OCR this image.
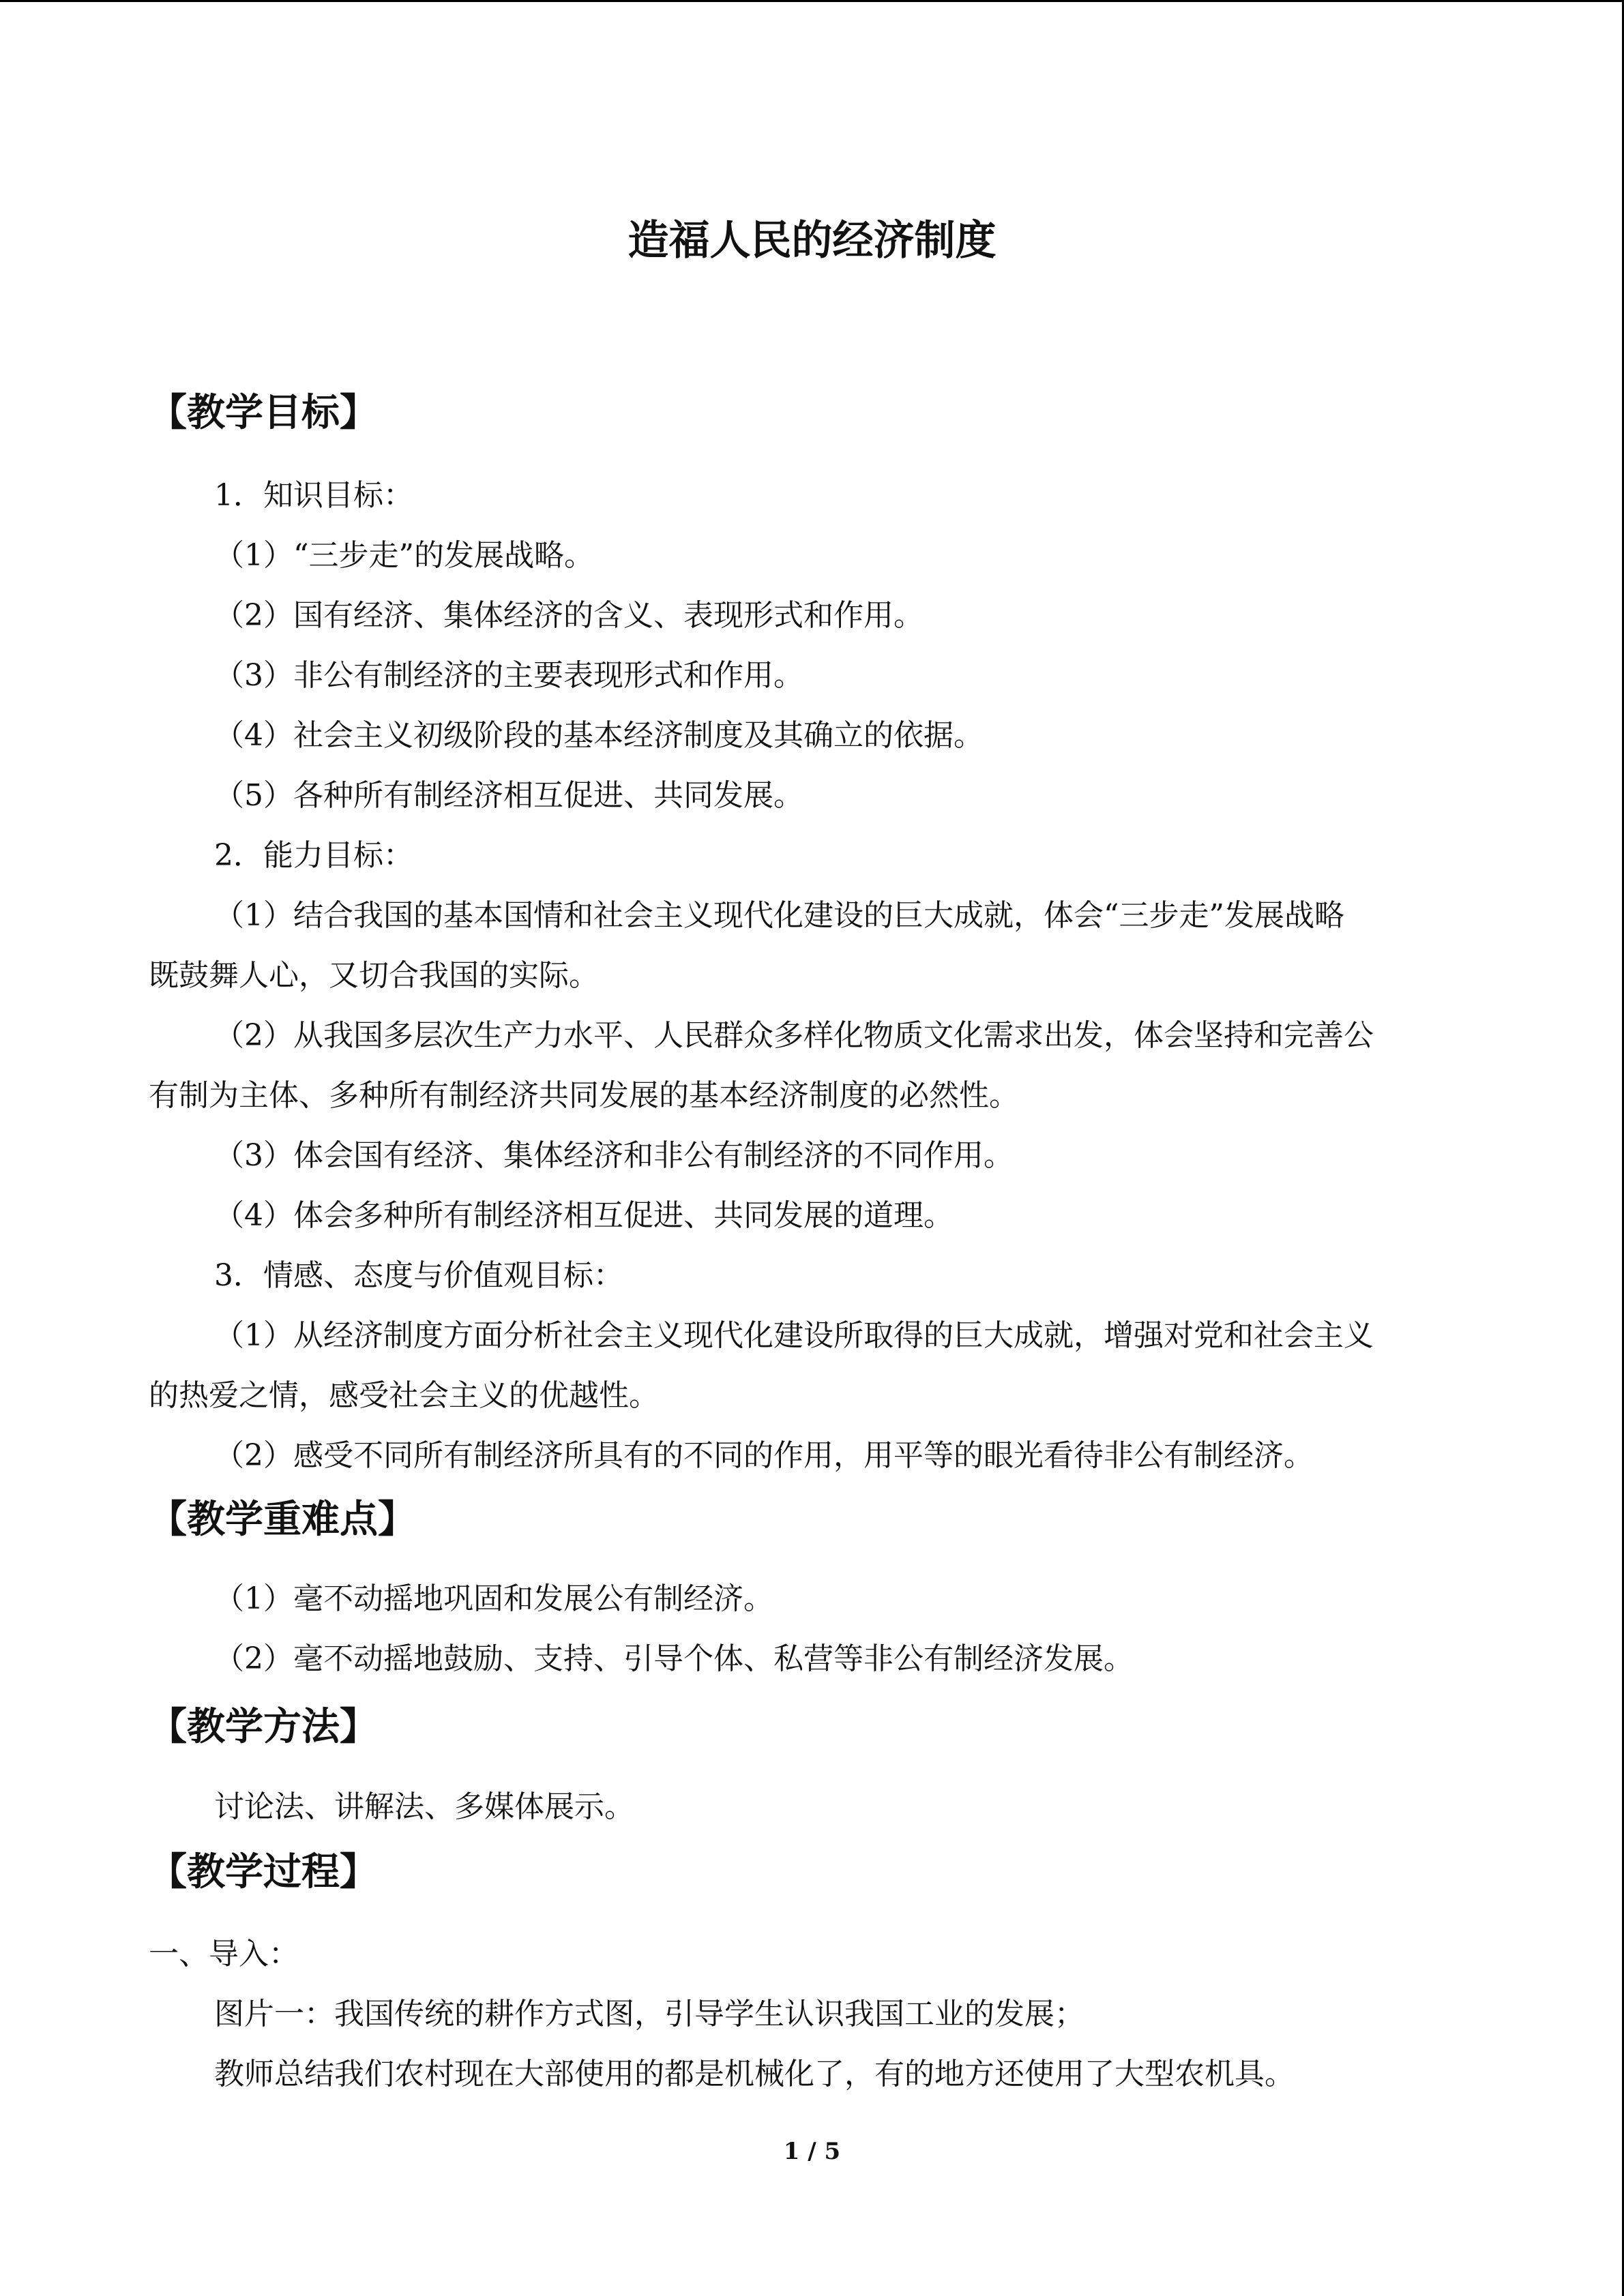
造福人民的经济制度
【教学目标】
1．知识目标：
（1）“三步走”的发展战略。
（2）国有经济、集体经济的含义、表现形式和作用。
（3）非公有制经济的主要表现形式和作用。
（4）社会主义初级阶段的基本经济制度及其确立的依据。
（5）各种所有制经济相互促进、共同发展。
2．能力目标：
（1）结合我国的基本国情和社会主义现代化建设的巨大成就，体会“三步走”发展战略
既鼓舞人心，又切合我国的实际。
（2）从我国多层次生产力水平、人民群众多样化物质文化需求出发，体会坚持和完善公
有制为主体、多种所有制经济共同发展的基本经济制度的必然性。
（3）体会国有经济、集体经济和非公有制经济的不同作用。
（4）体会多种所有制经济相互促进、共同发展的道理。
3．情感、态度与价值观目标：
（1）从经济制度方面分析社会主义现代化建设所取得的巨大成就，增强对党和社会主义
的热爱之情，感受社会主义的优越性。
（2）感受不同所有制经济所具有的不同的作用，用平等的眼光看待非公有制经济。
【教学重难点】
（1）毫不动摇地巩固和发展公有制经济。
（2）毫不动摇地鼓励、支持、引导个体、私营等非公有制经济发展。
【教学方法】
讨论法、讲解法、多媒体展示。
【教学过程】
一、导入：
图片一：我国传统的耕作方式图，引导学生认识我国工业的发展；
教师总结我们农村现在大部使用的都是机械化了，有的地方还使用了大型农机具。
1 / 5
